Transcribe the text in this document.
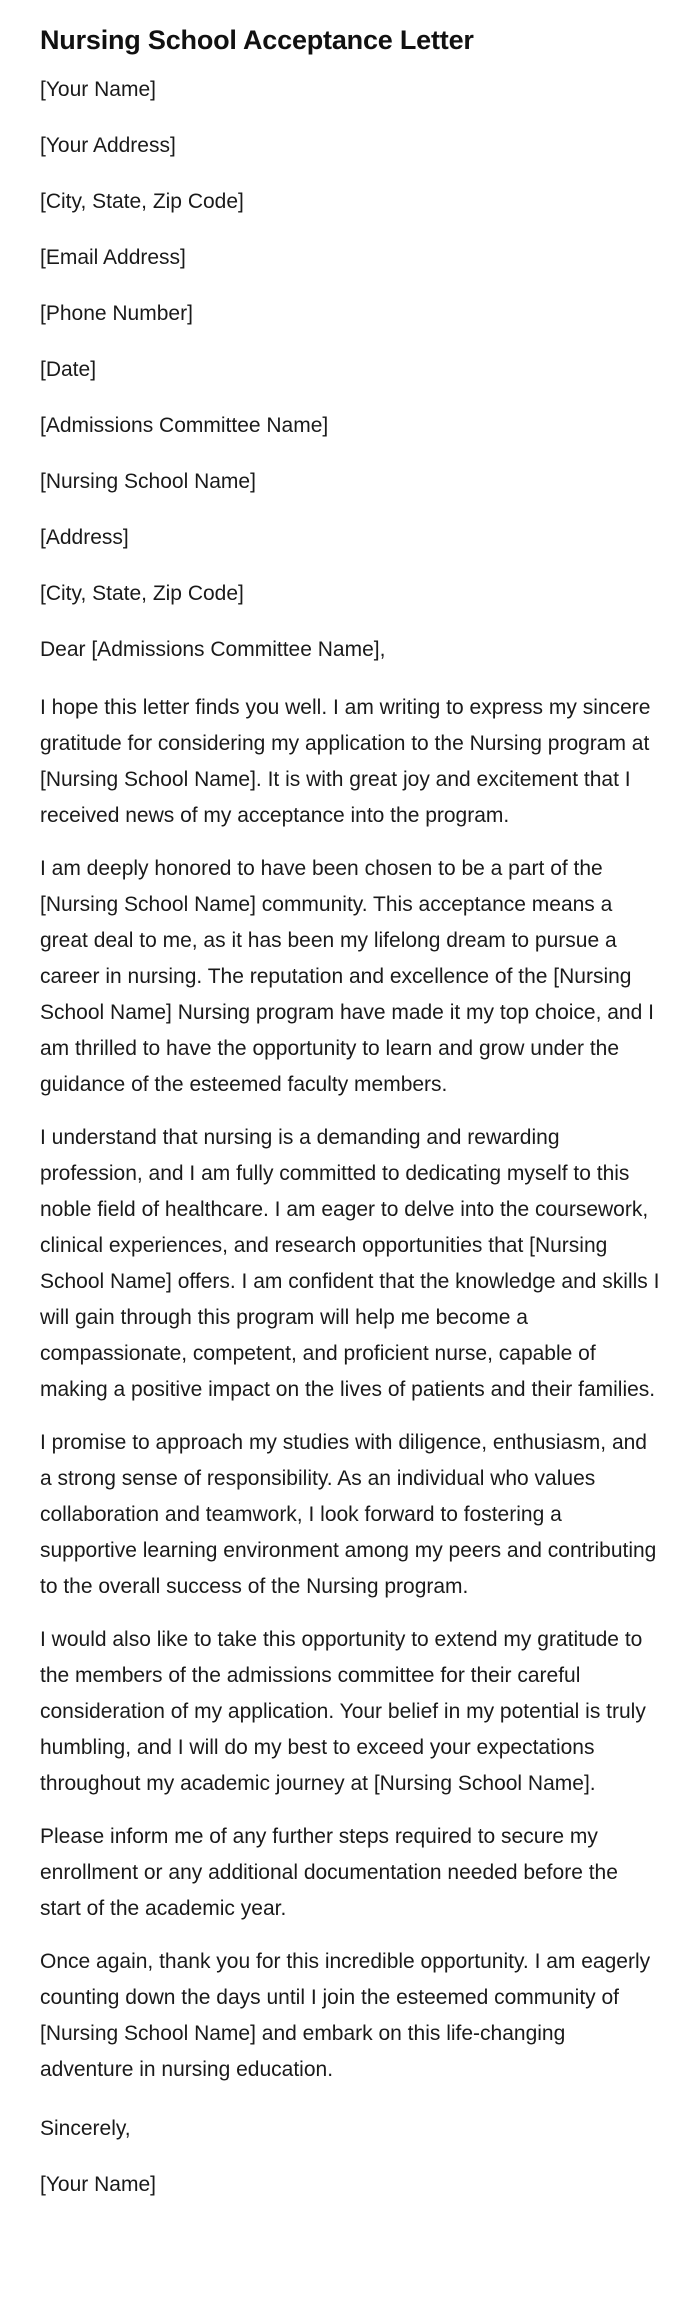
Nursing School Acceptance Letter

[Your Name]

[Your Address]

[City, State, Zip Code]

[Email Address]

[Phone Number]

[Date]

[Admissions Committee Name]

[Nursing School Name]

[Address]

[City, State, Zip Code]

Dear [Admissions Committee Name],

I hope this letter finds you well. I am writing to express my sincere gratitude for considering my application to the Nursing program at [Nursing School Name]. It is with great joy and excitement that I received news of my acceptance into the program.

I am deeply honored to have been chosen to be a part of the [Nursing School Name] community. This acceptance means a great deal to me, as it has been my lifelong dream to pursue a career in nursing. The reputation and excellence of the [Nursing School Name] Nursing program have made it my top choice, and I am thrilled to have the opportunity to learn and grow under the guidance of the esteemed faculty members.

I understand that nursing is a demanding and rewarding profession, and I am fully committed to dedicating myself to this noble field of healthcare. I am eager to delve into the coursework, clinical experiences, and research opportunities that [Nursing School Name] offers. I am confident that the knowledge and skills I will gain through this program will help me become a compassionate, competent, and proficient nurse, capable of making a positive impact on the lives of patients and their families.

I promise to approach my studies with diligence, enthusiasm, and a strong sense of responsibility. As an individual who values collaboration and teamwork, I look forward to fostering a supportive learning environment among my peers and contributing to the overall success of the Nursing program.

I would also like to take this opportunity to extend my gratitude to the members of the admissions committee for their careful consideration of my application. Your belief in my potential is truly humbling, and I will do my best to exceed your expectations throughout my academic journey at [Nursing School Name].

Please inform me of any further steps required to secure my enrollment or any additional documentation needed before the start of the academic year.

Once again, thank you for this incredible opportunity. I am eagerly counting down the days until I join the esteemed community of [Nursing School Name] and embark on this life-changing adventure in nursing education.

Sincerely,

[Your Name]
